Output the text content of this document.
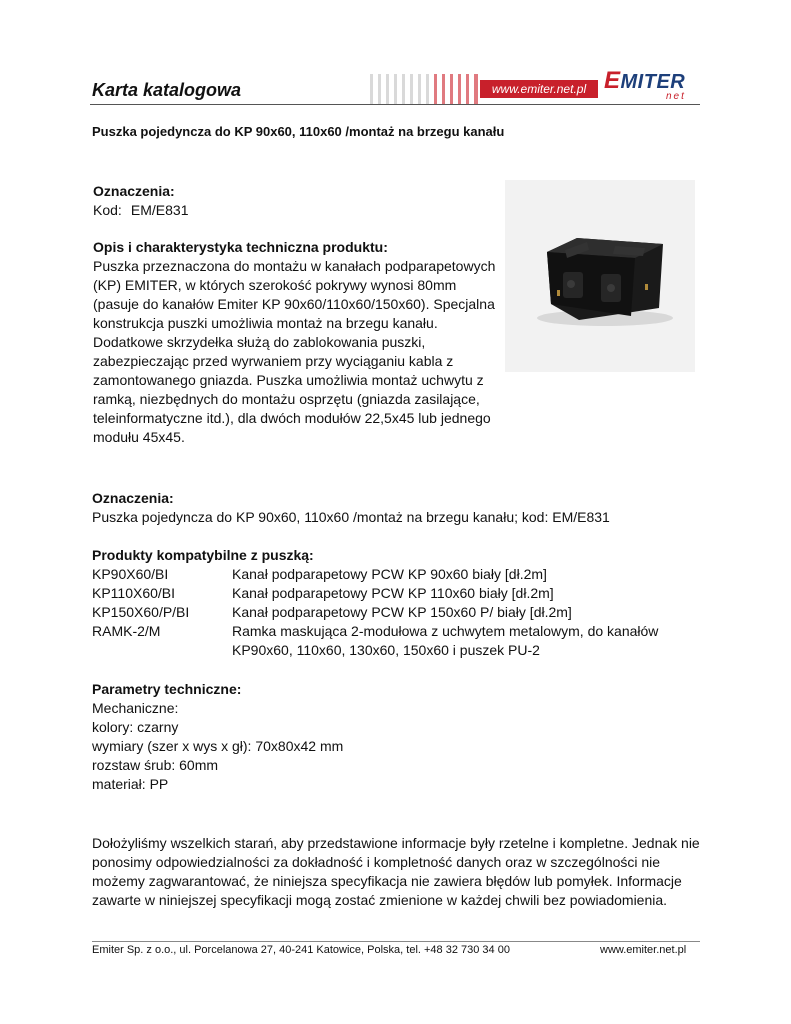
Karta katalogowa	www.emiter.net.pl EMITER
net
Puszka pojedyncza do KP 90x60, 110x60 /montaż na brzegu kanału
Oznaczenia:
Kod: EM/E831
Opis i charakterystyka techniczna produktu:
Puszka przeznaczona do montażu w kanałach podparapetowych (KP) EMITER, w których szerokość pokrywy wynosi 80mm (pasuje do kanałów Emiter KP 90x60/110x60/150x60). Specjalna konstrukcja puszki umożliwia montaż na brzegu kanału. Dodatkowe skrzydełka służą do zablokowania puszki, zabezpieczając przed wyrwaniem przy wyciąganiu kabla z zamontowanego gniazda. Puszka umożliwia montaż uchwytu z ramką, niezbędnych do montażu osprzętu (gniazda zasilające, teleinformatyczne itd.), dla dwóch modułów 22,5x45 lub jednego modułu 45x45.
Oznaczenia:
Puszka pojedyncza do KP 90x60, 110x60 /montaż na brzegu kanału; kod: EM/E831
Produkty kompatybilne z puszką:
KP90X60/BI	Kanał podparapetowy PCW KP 90x60 biały [dł.2m]
KP110X60/BI	Kanał podparapetowy PCW KP 110x60 biały [dł.2m]
KP150X60/P/BI	Kanał podparapetowy PCW KP 150x60 P/ biały [dł.2m]
RAMK-2/M	Ramka maskująca 2-modułowa z uchwytem metalowym, do kanałów KP90x60, 110x60, 130x60, 150x60 i puszek PU-2
Parametry techniczne:
Mechaniczne:
kolory: czarny
wymiary (szer x wys x gł): 70x80x42 mm
rozstaw śrub: 60mm
materiał: PP
Dołożyliśmy wszelkich starań, aby przedstawione informacje były rzetelne i kompletne. Jednak nie ponosimy odpowiedzialności za dokładność i kompletność danych oraz w szczególności nie możemy zagwarantować, że niniejsza specyfikacja nie zawiera błędów lub pomyłek. Informacje zawarte w niniejszej specyfikacji mogą zostać zmienione w każdej chwili bez powiadomienia.
Emiter Sp. z o.o., ul. Porcelanowa 27, 40-241 Katowice, Polska, tel. +48 32 730 34 00	www.emiter.net.pl
